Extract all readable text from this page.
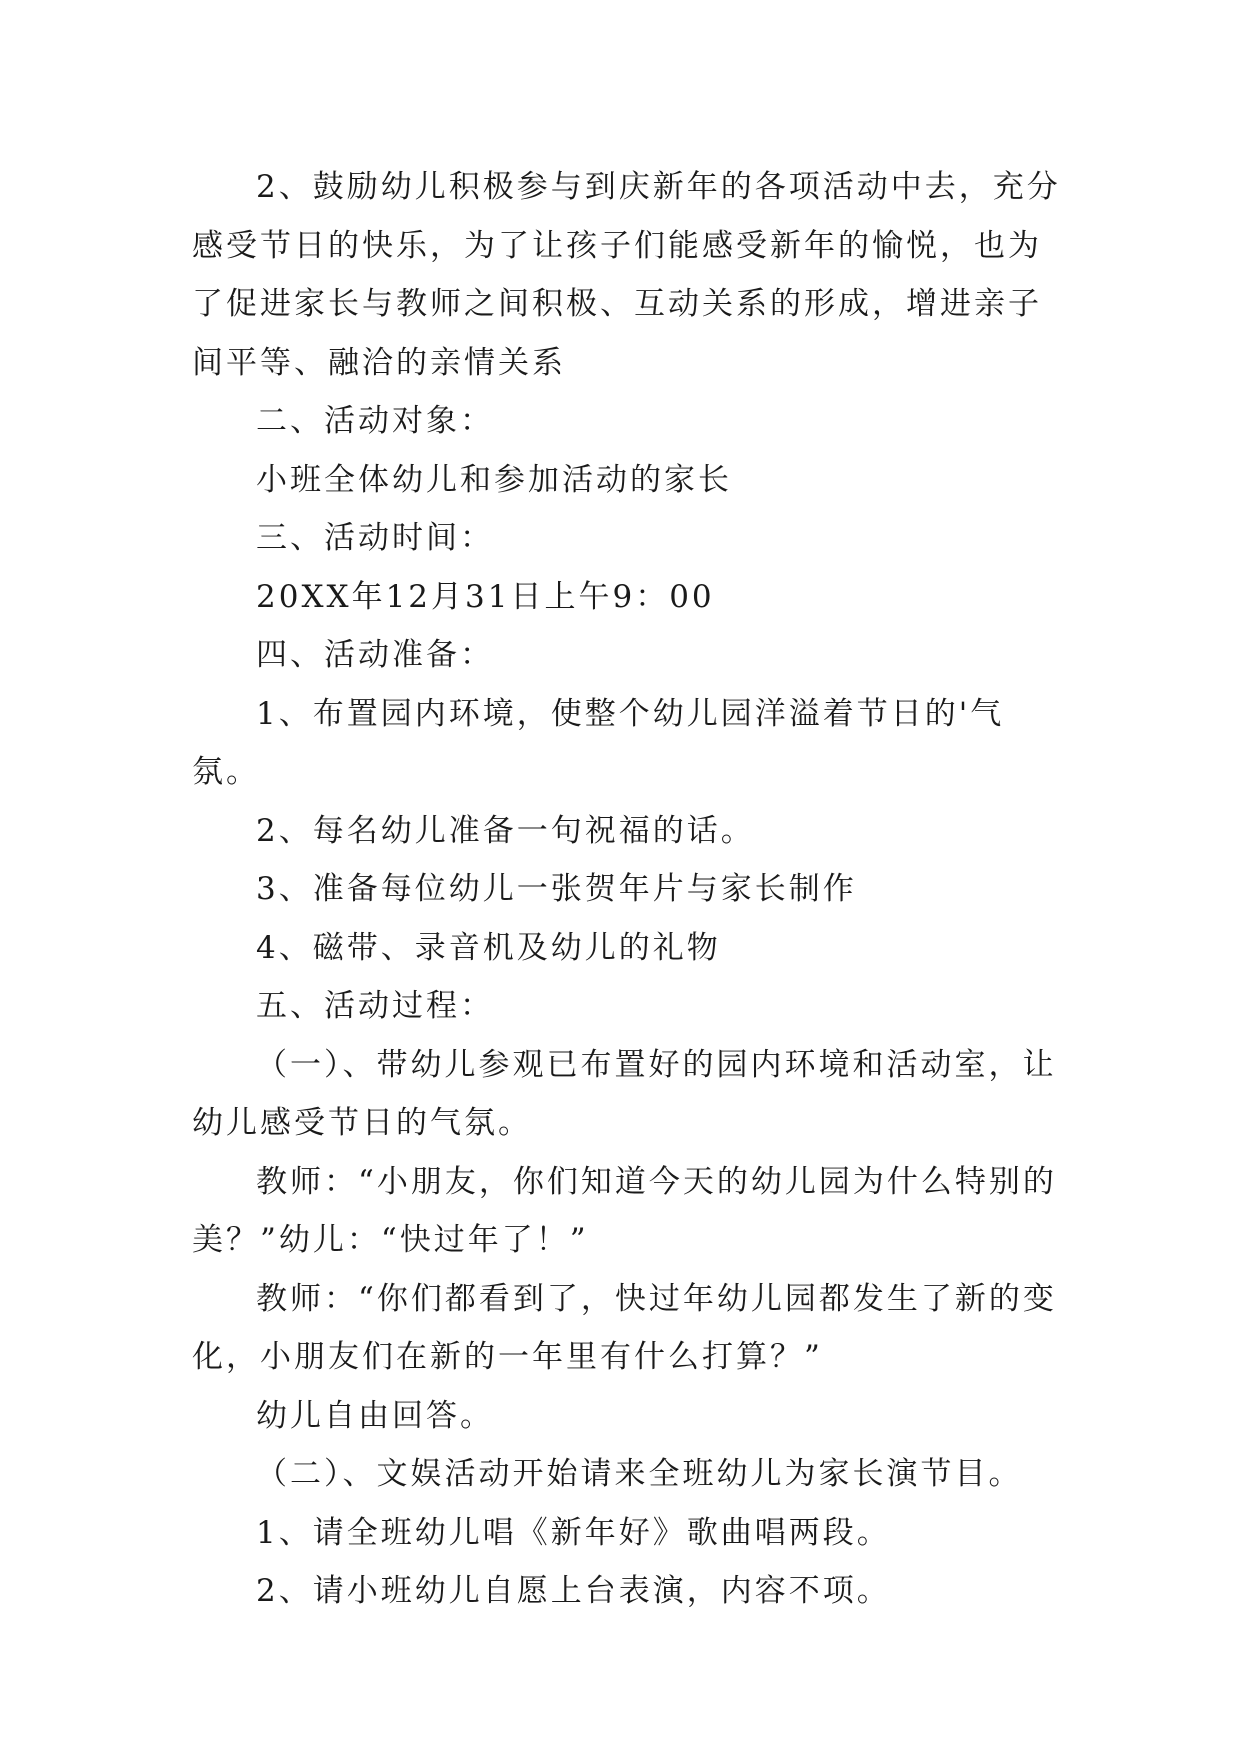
2、鼓励幼儿积极参与到庆新年的各项活动中去，充分感受节日的快乐，为了让孩子们能感受新年的愉悦，也为了促进家长与教师之间积极、互动关系的形成，增进亲子间平等、融洽的亲情关系

二、活动对象：

小班全体幼儿和参加活动的家长

三、活动时间：

20XX年12月31日上午9：00

四、活动准备：

1、布置园内环境，使整个幼儿园洋溢着节日的'气氛。

2、每名幼儿准备一句祝福的话。

3、准备每位幼儿一张贺年片与家长制作

4、磁带、录音机及幼儿的礼物

五、活动过程：

（一）、带幼儿参观已布置好的园内环境和活动室，让幼儿感受节日的气氛。

教师：“小朋友，你们知道今天的幼儿园为什么特别的美？”幼儿：“快过年了！”

教师：“你们都看到了，快过年幼儿园都发生了新的变化，小朋友们在新的一年里有什么打算？”

幼儿自由回答。

（二）、文娱活动开始请来全班幼儿为家长演节目。

1、请全班幼儿唱《新年好》歌曲唱两段。

2、请小班幼儿自愿上台表演，内容不项。
